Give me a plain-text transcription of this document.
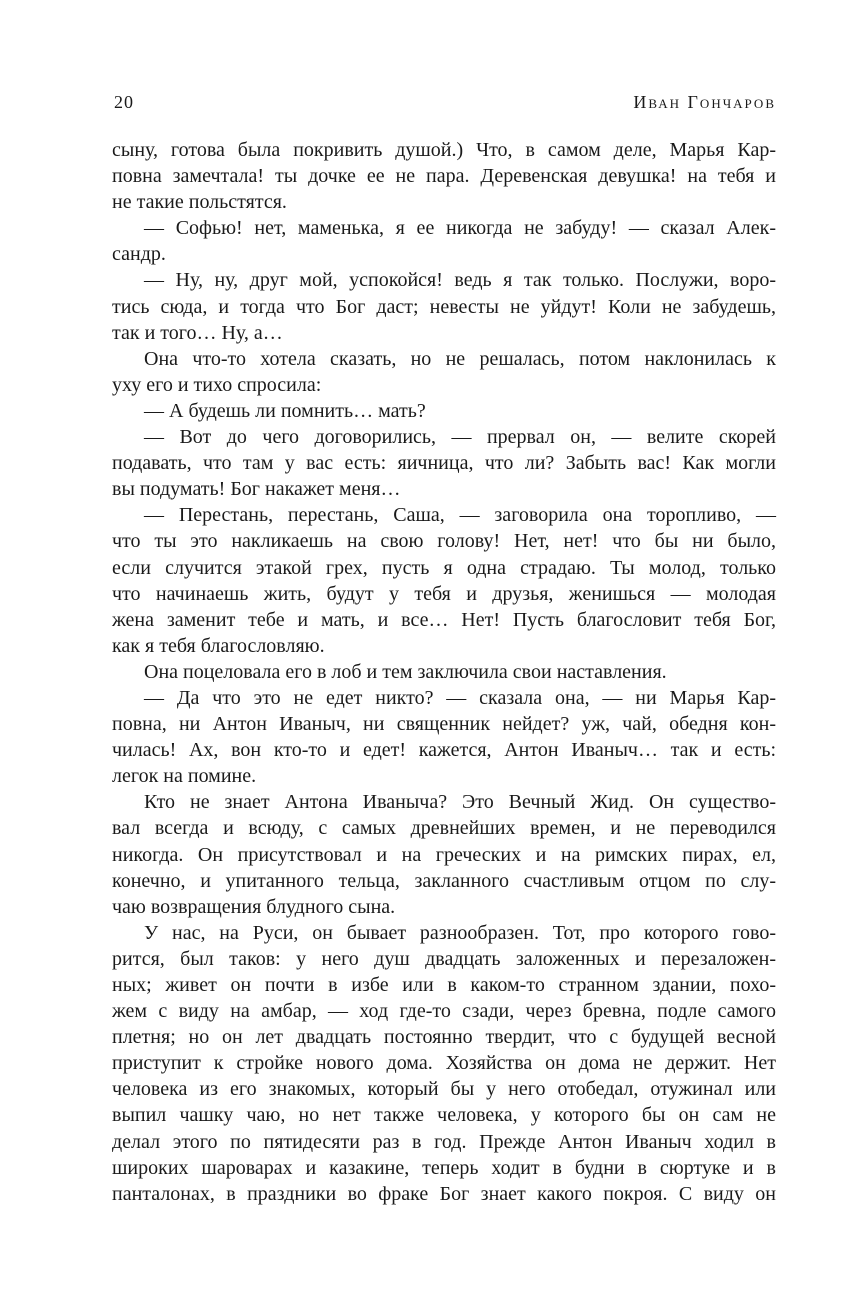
20	Иван Гончаров
сыну, готова была покривить душой.) Что, в самом деле, Марья Кар-
повна замечтала! ты дочке ее не пара. Деревенская девушка! на тебя и
не такие польстятся.
— Софью! нет, маменька, я ее никогда не забуду! — сказал Алек-
сандр.
— Ну, ну, друг мой, успокойся! ведь я так только. Послужи, воро-
тись сюда, и тогда что Бог даст; невесты не уйдут! Коли не забудешь,
так и того… Ну, а…
Она что-то хотела сказать, но не решалась, потом наклонилась к
уху его и тихо спросила:
— А будешь ли помнить… мать?
— Вот до чего договорились, — прервал он, — велите скорей
подавать, что там у вас есть: яичница, что ли? Забыть вас! Как могли
вы подумать! Бог накажет меня…
— Перестань, перестань, Саша, — заговорила она торопливо, —
что ты это накликаешь на свою голову! Нет, нет! что бы ни было,
если случится этакой грех, пусть я одна страдаю. Ты молод, только
что начинаешь жить, будут у тебя и друзья, женишься — молодая
жена заменит тебе и мать, и все… Нет! Пусть благословит тебя Бог,
как я тебя благословляю.
Она поцеловала его в лоб и тем заключила свои наставления.
— Да что это не едет никто? — сказала она, — ни Марья Кар-
повна, ни Антон Иваныч, ни священник нейдет? уж, чай, обедня кон-
чилась! Ах, вон кто-то и едет! кажется, Антон Иваныч… так и есть:
легок на помине.
Кто не знает Антона Иваныча? Это Вечный Жид. Он существо-
вал всегда и всюду, с самых древнейших времен, и не переводился
никогда. Он присутствовал и на греческих и на римских пирах, ел,
конечно, и упитанного тельца, закланного счастливым отцом по слу-
чаю возвращения блудного сына.
У нас, на Руси, он бывает разнообразен. Тот, про которого гово-
рится, был таков: у него душ двадцать заложенных и перезаложен-
ных; живет он почти в избе или в каком-то странном здании, похо-
жем с виду на амбар, — ход где-то сзади, через бревна, подле самого
плетня; но он лет двадцать постоянно твердит, что с будущей весной
приступит к стройке нового дома. Хозяйства он дома не держит. Нет
человека из его знакомых, который бы у него отобедал, отужинал или
выпил чашку чаю, но нет также человека, у которого бы он сам не
делал этого по пятидесяти раз в год. Прежде Антон Иваныч ходил в
широких шароварах и казакине, теперь ходит в будни в сюртуке и в
панталонах, в праздники во фраке Бог знает какого покроя. С виду он
